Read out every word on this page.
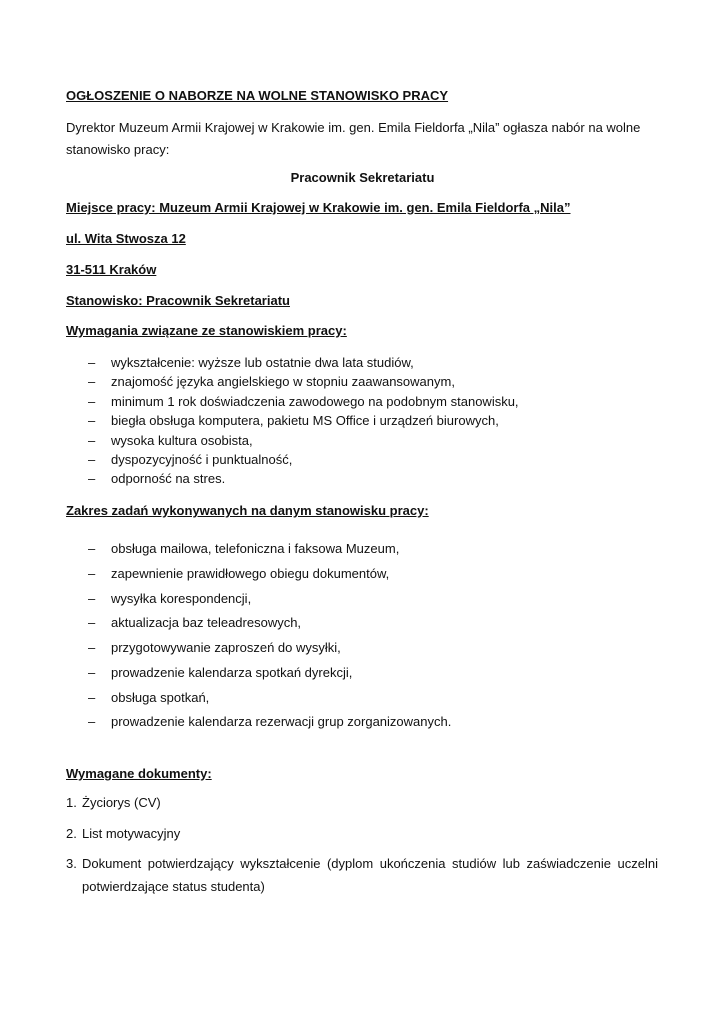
OGŁOSZENIE O NABORZE NA WOLNE STANOWISKO PRACY
Dyrektor Muzeum Armii Krajowej w Krakowie im. gen. Emila Fieldorfa „Nila” ogłasza nabór na wolne stanowisko pracy:
Pracownik Sekretariatu
Miejsce pracy: Muzeum Armii Krajowej w Krakowie im. gen. Emila Fieldorfa „Nila”
ul. Wita Stwosza 12
31-511 Kraków
Stanowisko: Pracownik Sekretariatu
Wymagania związane ze stanowiskiem pracy:
– wykształcenie: wyższe lub ostatnie dwa lata studiów,
– znajomość języka angielskiego w stopniu zaawansowanym,
– minimum 1 rok doświadczenia zawodowego na podobnym stanowisku,
– biegła obsługa komputera, pakietu MS Office i urządzeń biurowych,
– wysoka kultura osobista,
– dyspozycyjność i punktualność,
– odporność na stres.
Zakres zadań wykonywanych na danym stanowisku pracy:
– obsługa mailowa, telefoniczna i faksowa Muzeum,
– zapewnienie prawidłowego obiegu dokumentów,
– wysyłka korespondencji,
– aktualizacja baz teleadresowych,
– przygotowywanie zaproszeń do wysyłki,
– prowadzenie kalendarza spotkań dyrekcji,
– obsługa spotkań,
– prowadzenie kalendarza rezerwacji grup zorganizowanych.
Wymagane dokumenty:
1. Życiorys (CV)
2. List motywacyjny
3. Dokument potwierdzający wykształcenie (dyplom ukończenia studiów lub zaświadczenie uczelni potwierdzające status studenta)
